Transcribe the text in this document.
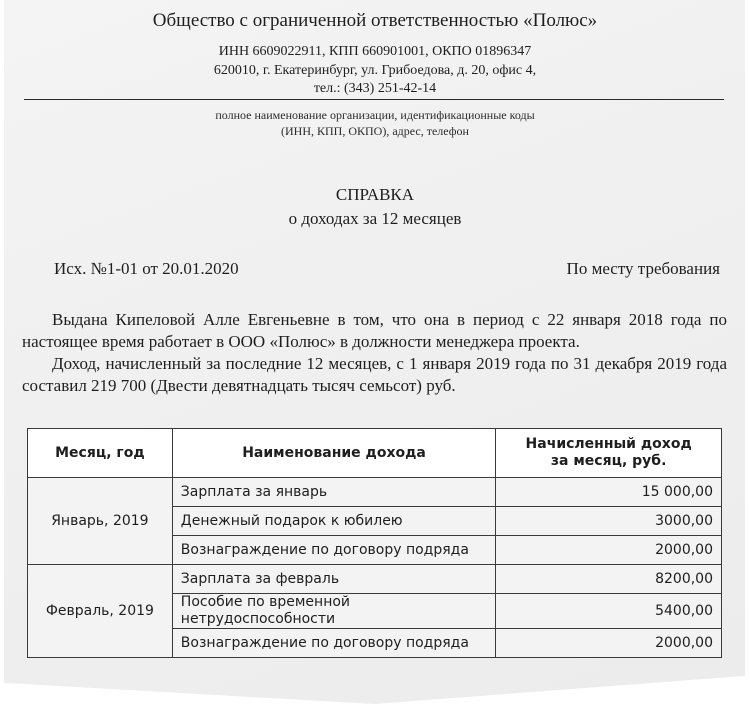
Общество с ограниченной ответственностью «Полюс»
ИНН 6609022911, КПП 660901001, ОКПО 01896347
620010, г. Екатеринбург, ул. Грибоедова, д. 20, офис 4,
тел.: (343) 251-42-14
полное наименование организации, идентификационные коды
(ИНН, КПП, ОКПО), адрес, телефон
СПРАВКА
о доходах за 12 месяцев
Исх. №1-01 от 20.01.2020	По месту требования
Выдана Кипеловой Алле Евгеньевне в том, что она в период с 22 января 2018 года по настоящее время работает в ООО «Полюс» в должности менеджера проекта.
Доход, начисленный за последние 12 месяцев, с 1 января 2019 года по 31 декабря 2019 года составил 219 700 (Двести девятнадцать тысяч семьсот) руб.
Месяц, год	Наименование дохода	Начисленный доход
за месяц, руб.

Январь, 2019	Зарплата за январь	15 000,00
	Денежный подарок к юбилею	3000,00
	Вознаграждение по договору подряда	2000,00
Февраль, 2019	Зарплата за февраль	8200,00

	Пособие по временной
нетрудоспособности	5400,00
	Вознаграждение по договору подряда	2000,00
